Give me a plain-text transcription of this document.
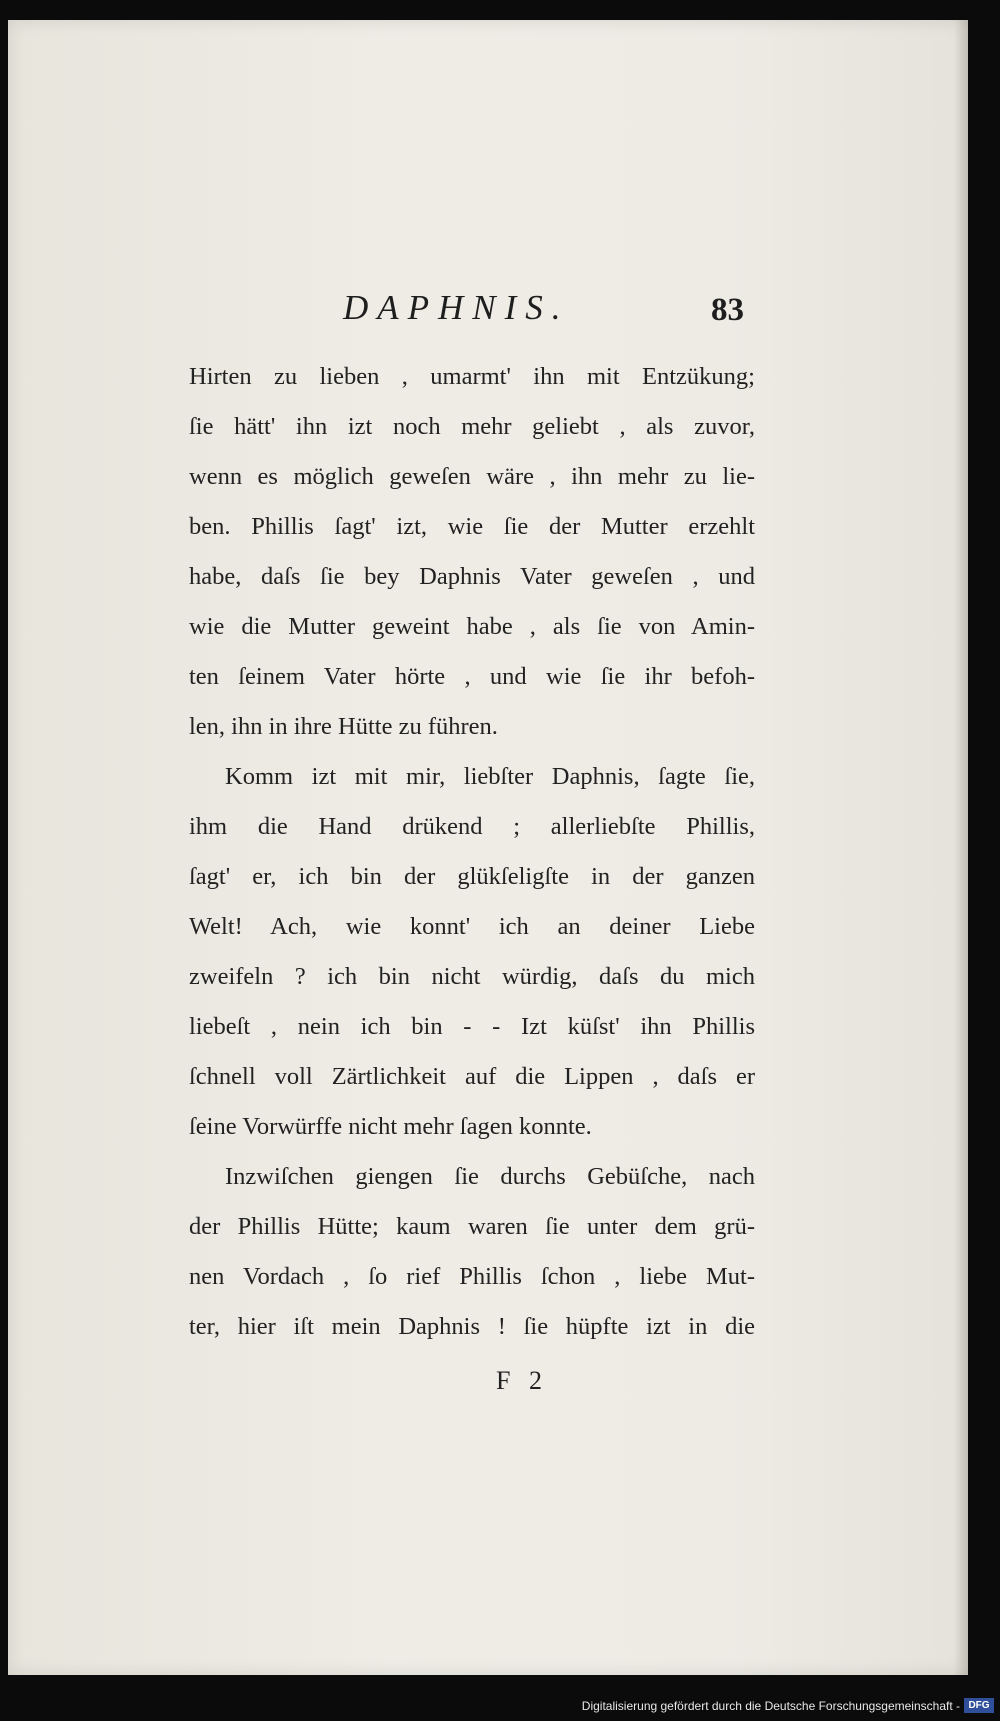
DAPHNIS.	83
Hirten zu lieben , umarmt' ihn mit Entzükung;
ſie hätt' ihn izt noch mehr geliebt , als zuvor,
wenn es möglich geweſen wäre , ihn mehr zu lie-
ben. Phillis ſagt' izt, wie ſie der Mutter erzehlt
habe, daſs ſie bey Daphnis Vater geweſen , und
wie die Mutter geweint habe , als ſie von Amin-
ten ſeinem Vater hörte , und wie ſie ihr befoh-
len, ihn in ihre Hütte zu führen.
Komm izt mit mir, liebſter Daphnis, ſagte ſie,
ihm die Hand drükend ; allerliebſte Phillis,
ſagt' er, ich bin der glükſeligſte in der ganzen
Welt! Ach, wie konnt' ich an deiner Liebe
zweifeln ? ich bin nicht würdig, daſs du mich
liebeſt , nein ich bin - - Izt küſst' ihn Phillis
ſchnell voll Zärtlichkeit auf die Lippen , daſs er
ſeine Vorwürffe nicht mehr ſagen konnte.
Inzwiſchen giengen ſie durchs Gebüſche, nach
der Phillis Hütte; kaum waren ſie unter dem grü-
nen Vordach , ſo rief Phillis ſchon , liebe Mut-
ter, hier iſt mein Daphnis ! ſie hüpfte izt in die
F 2
Digitalisierung gefördert durch die Deutsche Forschungsgemeinschaft - DFG
